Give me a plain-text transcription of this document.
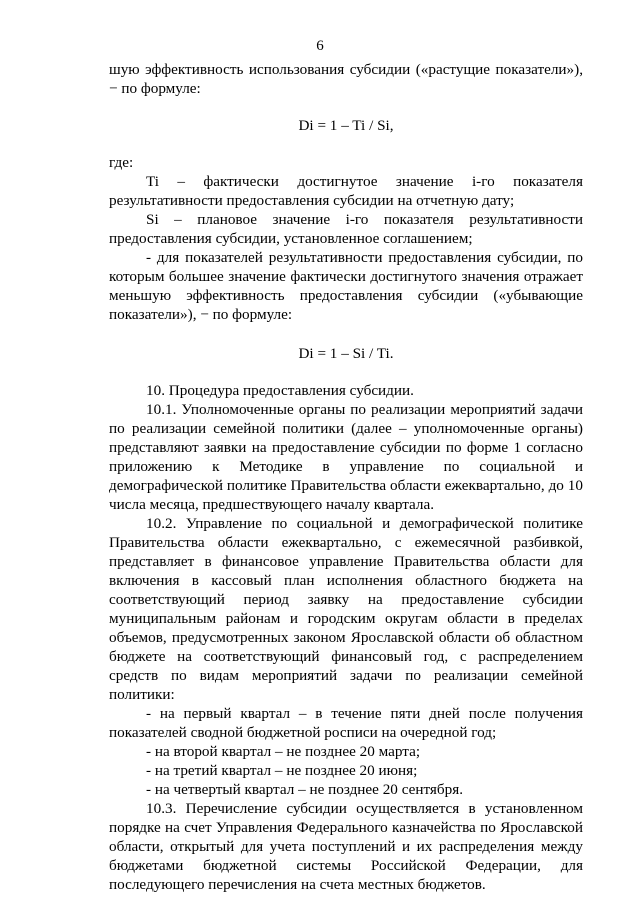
6

шую эффективность использования субсидии («растущие показатели»), − по формуле:

Di = 1 – Ti / Si,

где:

Ti – фактически достигнутое значение i-го показателя результативности предоставления субсидии на отчетную дату;

Si – плановое значение i-го показателя результативности предоставления субсидии, установленное соглашением;

- для показателей результативности предоставления субсидии, по которым большее значение фактически достигнутого значения отражает меньшую эффективность предоставления субсидии («убывающие показатели»), − по формуле:

Di = 1 – Si / Ti.

10. Процедура предоставления субсидии.

10.1. Уполномоченные органы по реализации мероприятий задачи по реализации семейной политики (далее – уполномоченные органы) представляют заявки на предоставление субсидии по форме 1 согласно приложению к Методике в управление по социальной и демографической политике Правительства области ежеквартально, до 10 числа месяца, предшествующего началу квартала.

10.2. Управление по социальной и демографической политике Правительства области ежеквартально, с ежемесячной разбивкой, представляет в финансовое управление Правительства области для включения в кассовый план исполнения областного бюджета на соответствующий период заявку на предоставление субсидии муниципальным районам и городским округам области в пределах объемов, предусмотренных законом Ярославской области об областном бюджете на соответствующий финансовый год, с распределением средств по видам мероприятий задачи по реализации семейной политики:

- на первый квартал – в течение пяти дней после получения показателей сводной бюджетной росписи на очередной год;

- на второй квартал – не позднее 20 марта;

- на третий квартал – не позднее 20 июня;

- на четвертый квартал – не позднее 20 сентября.

10.3. Перечисление субсидии осуществляется в установленном порядке на счет Управления Федерального казначейства по Ярославской области, открытый для учета поступлений и их распределения между бюджетами бюджетной системы Российской Федерации, для последующего перечисления на счета местных бюджетов.
